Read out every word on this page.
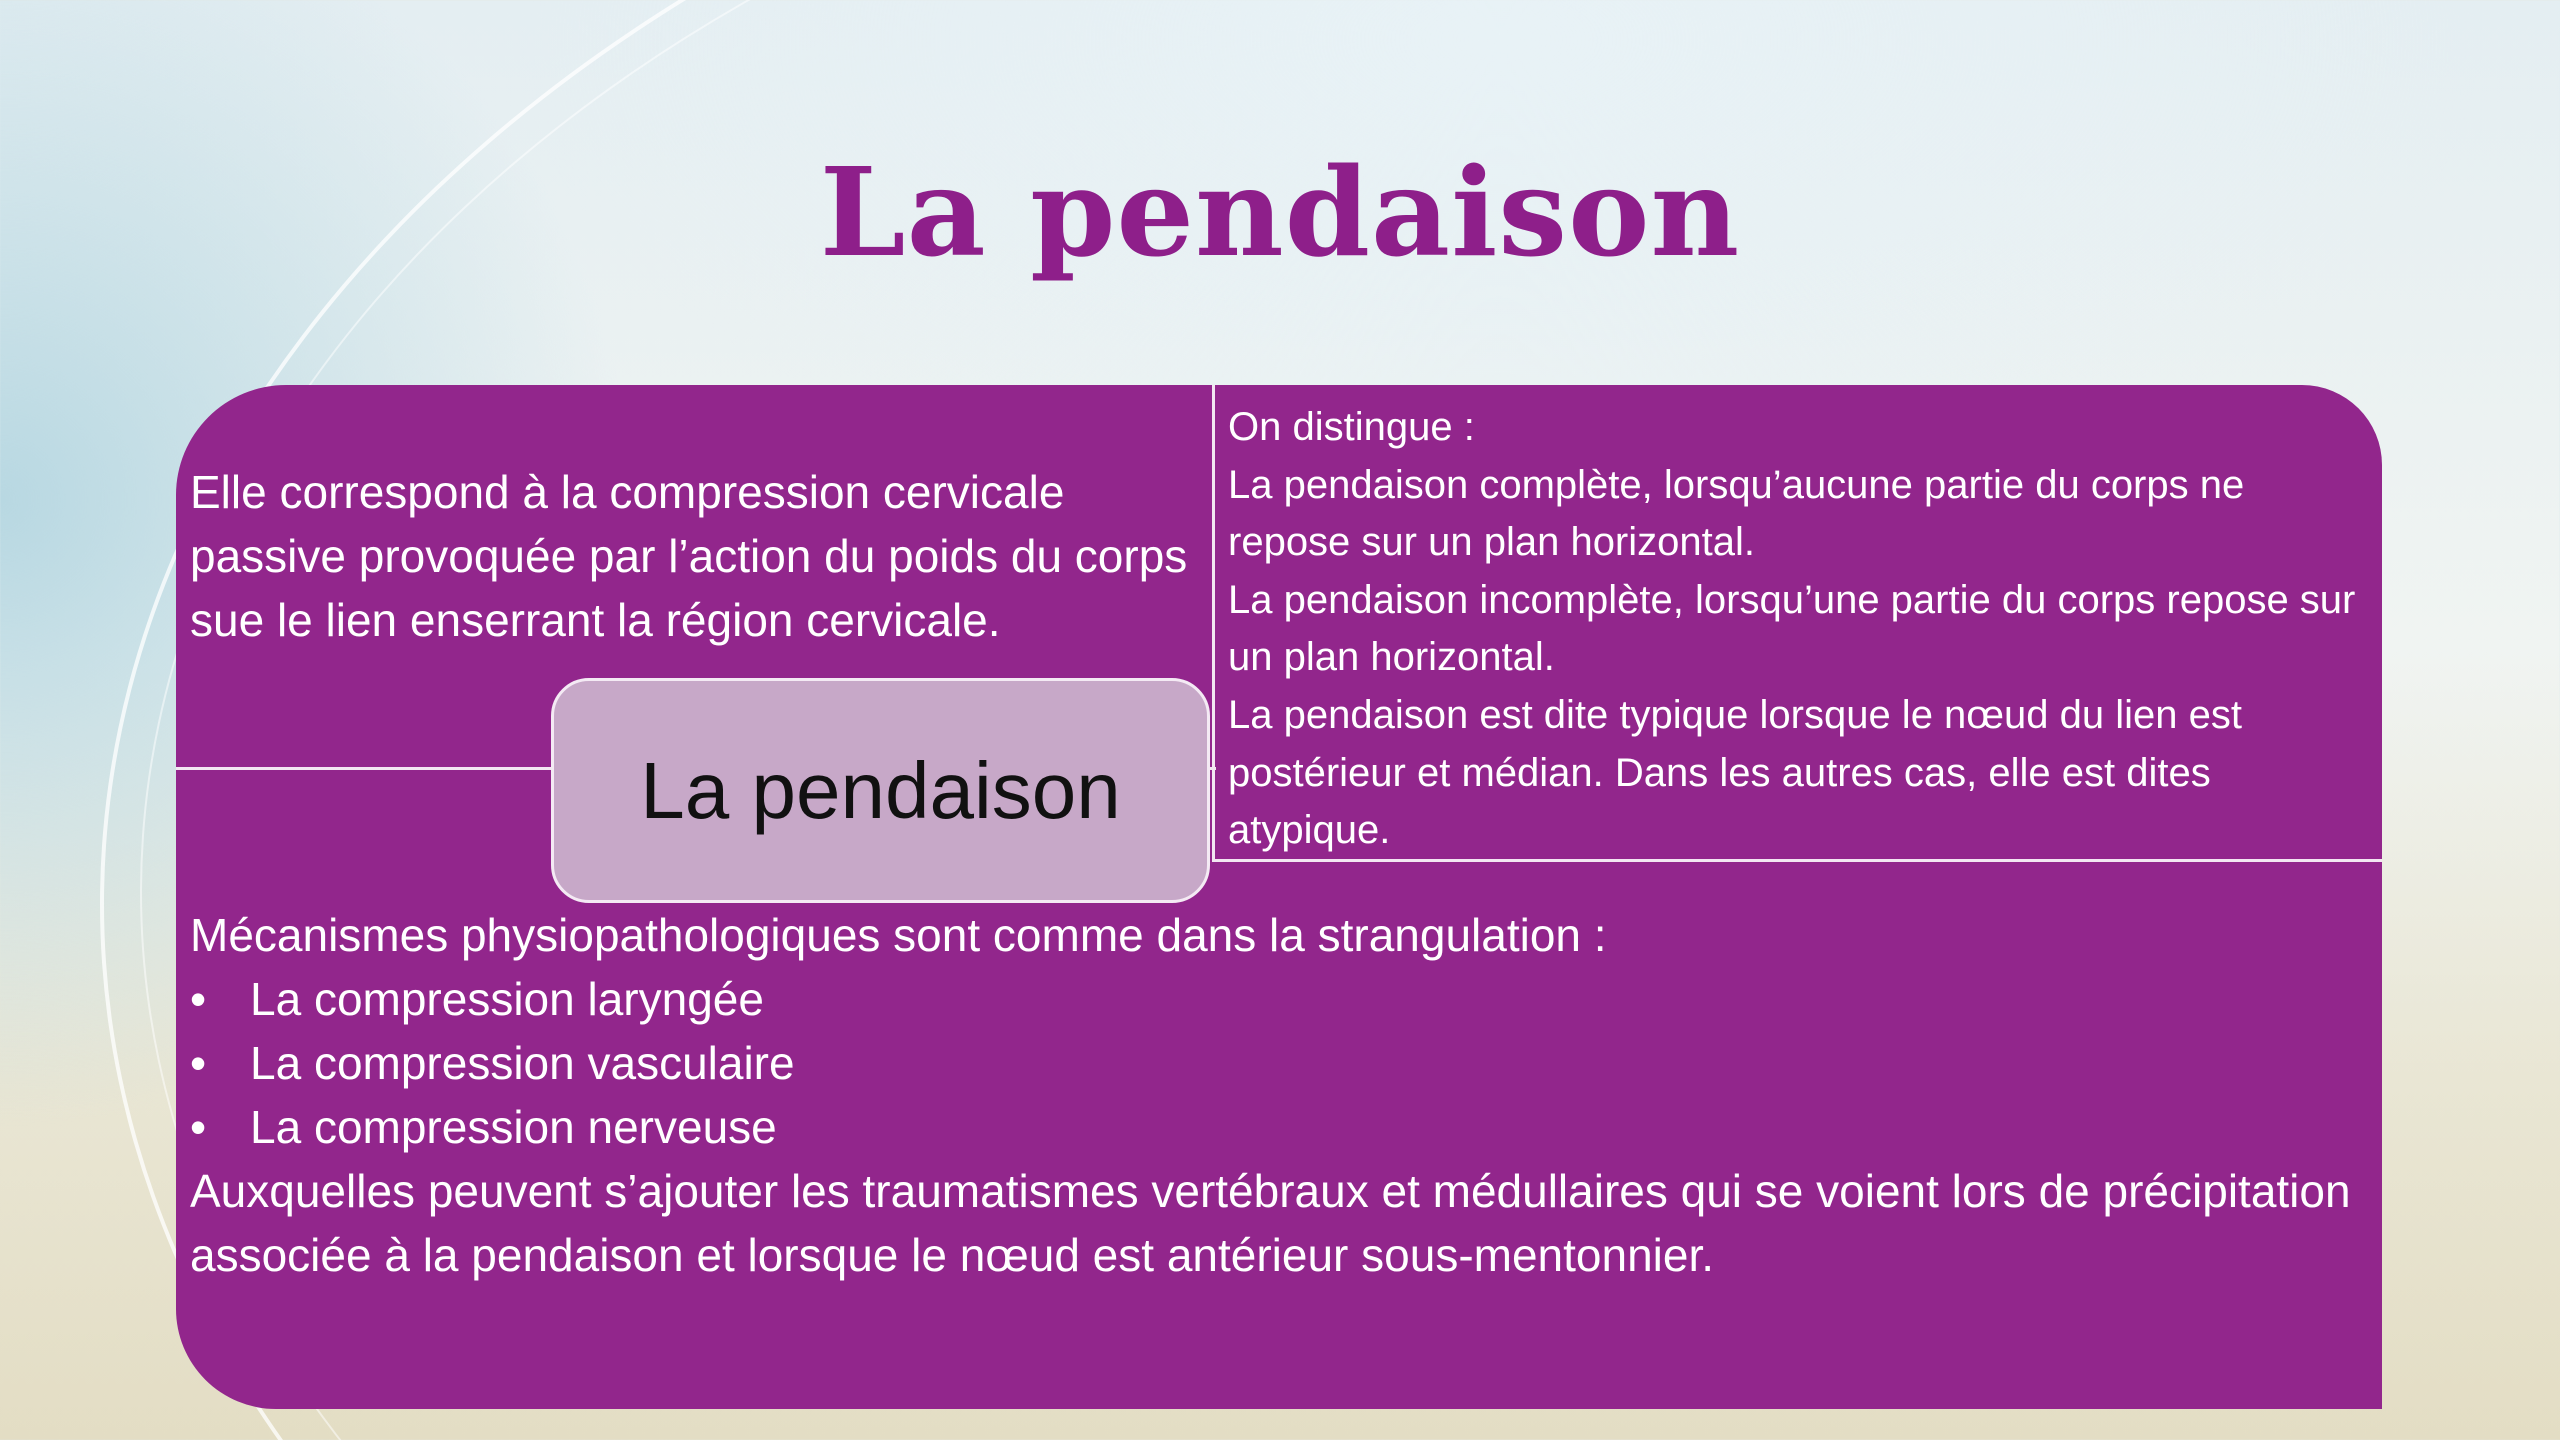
La pendaison

Elle correspond à la compression cervicale passive provoquée par l’action du poids du corps sue le lien enserrant la région cervicale.

On distingue :

La pendaison complète, lorsqu’aucune partie du corps ne repose sur un plan horizontal.

La pendaison incomplète, lorsqu’une partie du corps repose sur un plan horizontal.

La pendaison est dite typique lorsque le nœud du lien est postérieur et médian. Dans les autres cas, elle est dites atypique.

Mécanismes physiopathologiques sont comme dans la strangulation :

• La compression laryngée
• La compression vasculaire
• La compression nerveuse

Auxquelles peuvent s’ajouter les traumatismes vertébraux et médullaires qui se voient lors de précipitation associée à la pendaison et lorsque le nœud est antérieur sous-mentonnier.

La pendaison
